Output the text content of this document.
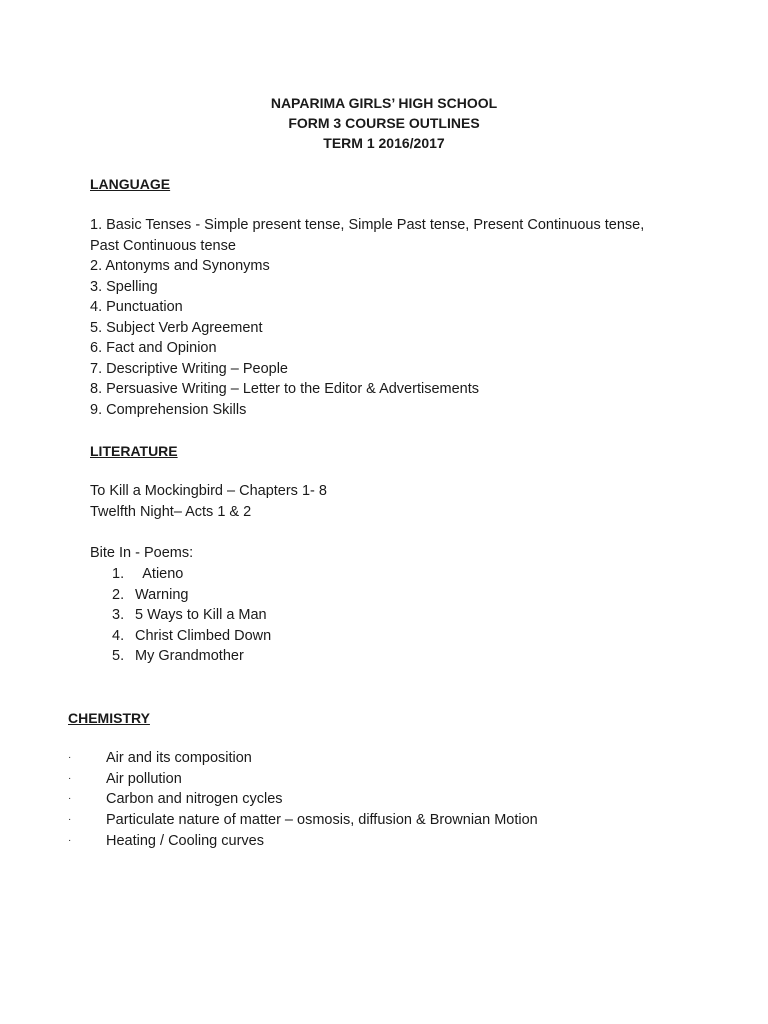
NAPARIMA GIRLS’ HIGH SCHOOL
FORM 3 COURSE OUTLINES
TERM 1 2016/2017
LANGUAGE
1. Basic Tenses - Simple present tense, Simple Past tense, Present Continuous tense,
Past Continuous tense
2. Antonyms and Synonyms
3. Spelling
4. Punctuation
5. Subject Verb Agreement
6. Fact and Opinion
7. Descriptive Writing – People
8. Persuasive Writing – Letter to the Editor & Advertisements
9. Comprehension Skills
LITERATURE
To Kill a Mockingbird – Chapters 1- 8
Twelfth Night– Acts 1 & 2
Bite In - Poems:
1. Atieno
2. Warning
3. 5 Ways to Kill a Man
4. Christ Climbed Down
5. My Grandmother
CHEMISTRY
·	Air and its composition
·	Air pollution
·	Carbon and nitrogen cycles
·	Particulate nature of matter – osmosis, diffusion & Brownian Motion
·	Heating / Cooling curves
